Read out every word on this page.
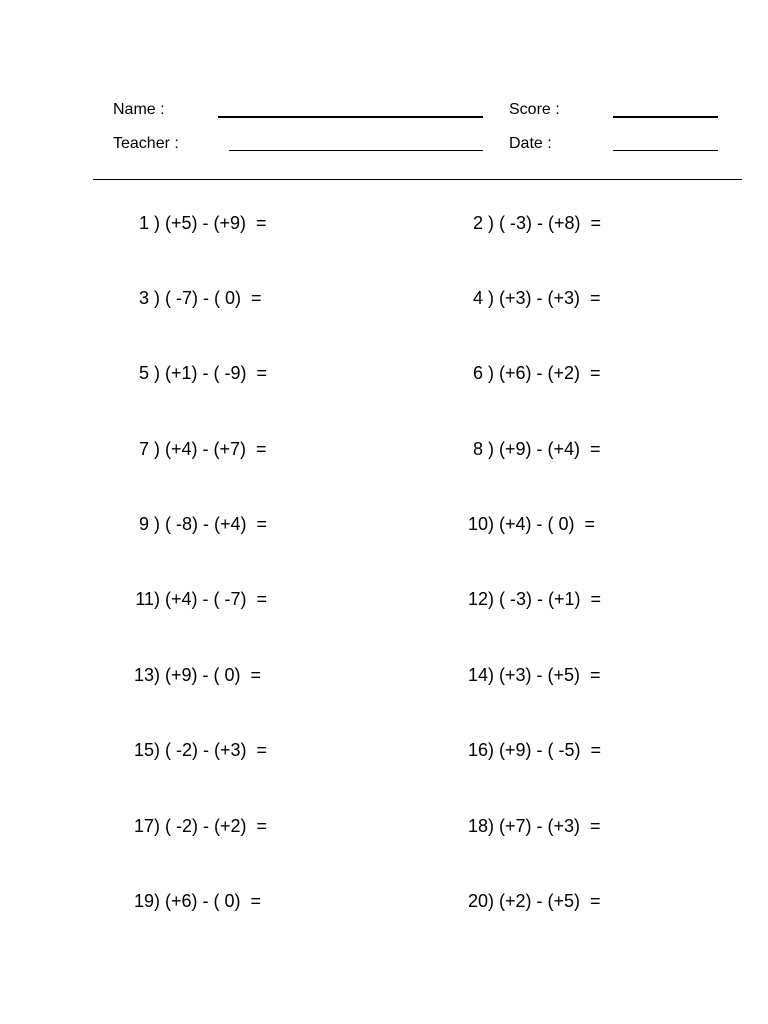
Name :	Score :
Teacher :	Date :
1 ) (+5) - (+9)  =	2 ) ( -3) - (+8)  =
3 ) ( -7) - ( 0)  =	4 ) (+3) - (+3)  =
5 ) (+1) - ( -9)  =	6 ) (+6) - (+2)  =
7 ) (+4) - (+7)  =	8 ) (+9) - (+4)  =
9 ) ( -8) - (+4)  =	10) (+4) - ( 0)  =
11) (+4) - ( -7)  =	12) ( -3) - (+1)  =
13) (+9) - ( 0)  =	14) (+3) - (+5)  =
15) ( -2) - (+3)  =	16) (+9) - ( -5)  =
17) ( -2) - (+2)  =	18) (+7) - (+3)  =
19) (+6) - ( 0)  =	20) (+2) - (+5)  =
